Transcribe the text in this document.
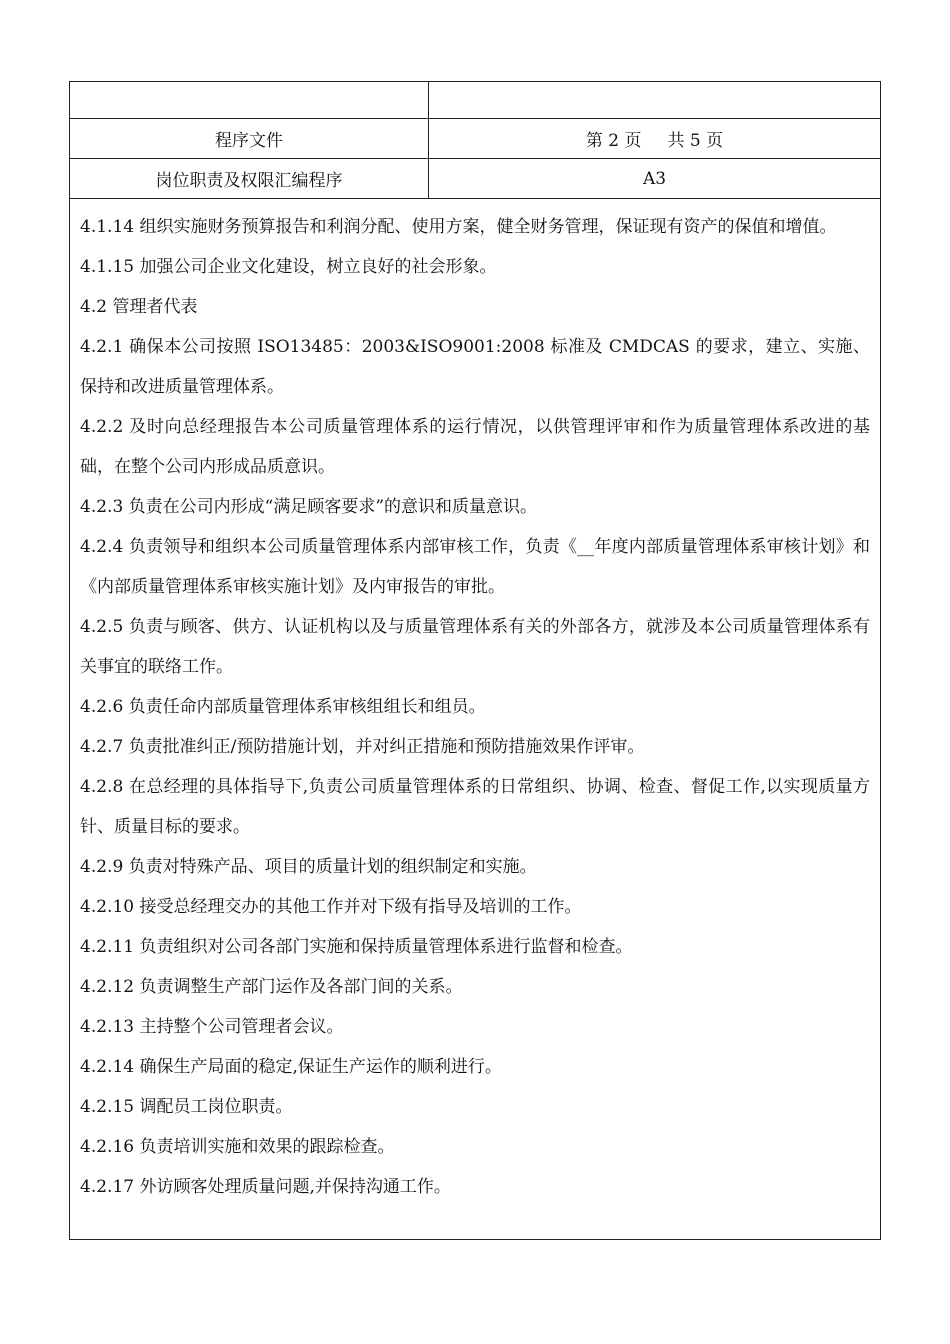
程序文件	第 2 页 共 5 页
岗位职责及权限汇编程序	A3

4.1.14 组织实施财务预算报告和利润分配、使用方案，健全财务管理，保证现有资产的保值和增值。

4.1.15 加强公司企业文化建设，树立良好的社会形象。

4.2 管理者代表

4.2.1 确保本公司按照 ISO13485：2003&ISO9001:2008 标准及 CMDCAS 的要求，建立、实施、保持和改进质量管理体系。

4.2.2 及时向总经理报告本公司质量管理体系的运行情况，以供管理评审和作为质量管理体系改进的基础，在整个公司内形成品质意识。

4.2.3 负责在公司内形成“满足顾客要求”的意识和质量意识。

4.2.4 负责领导和组织本公司质量管理体系内部审核工作，负责《__年度内部质量管理体系审核计划》和《内部质量管理体系审核实施计划》及内审报告的审批。

4.2.5 负责与顾客、供方、认证机构以及与质量管理体系有关的外部各方，就涉及本公司质量管理体系有关事宜的联络工作。

4.2.6 负责任命内部质量管理体系审核组组长和组员。

4.2.7 负责批准纠正/预防措施计划，并对纠正措施和预防措施效果作评审。

4.2.8 在总经理的具体指导下,负责公司质量管理体系的日常组织、协调、检查、督促工作,以实现质量方针、质量目标的要求。

4.2.9 负责对特殊产品、项目的质量计划的组织制定和实施。

4.2.10 接受总经理交办的其他工作并对下级有指导及培训的工作。

4.2.11 负责组织对公司各部门实施和保持质量管理体系进行监督和检查。

4.2.12 负责调整生产部门运作及各部门间的关系。

4.2.13 主持整个公司管理者会议。

4.2.14 确保生产局面的稳定,保证生产运作的顺利进行。

4.2.15 调配员工岗位职责。

4.2.16 负责培训实施和效果的跟踪检查。

4.2.17 外访顾客处理质量问题,并保持沟通工作。
